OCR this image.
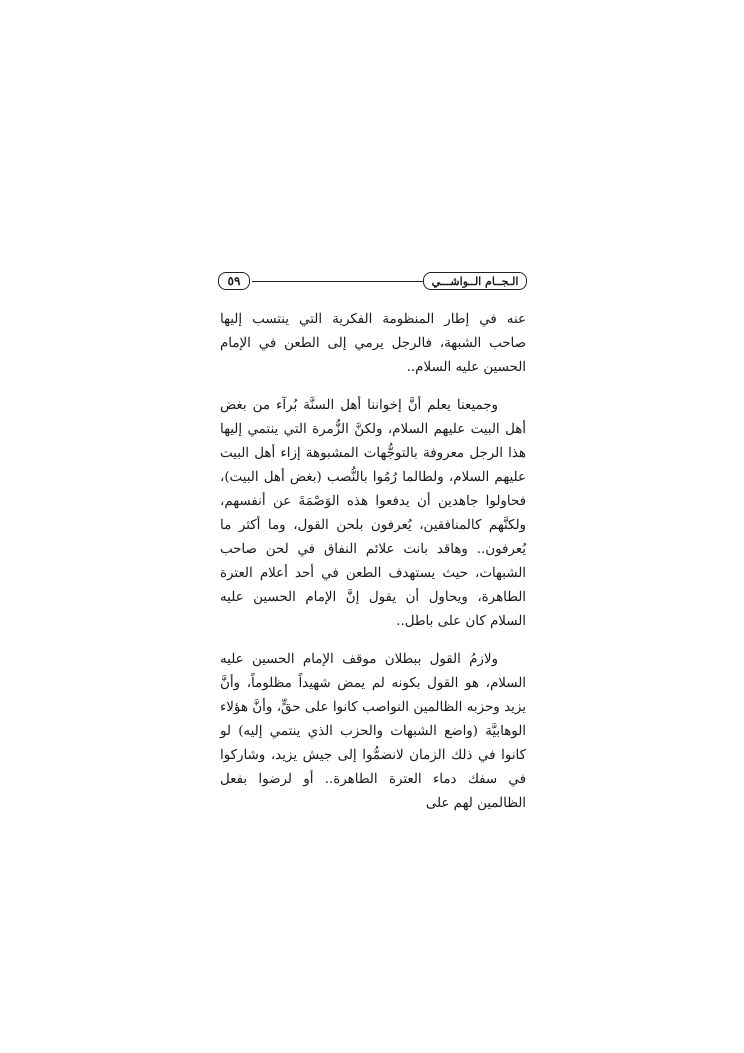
٥٩	الـجــام الــواشـــي

عنه في إطار المنظومة الفكرية التي ينتسب إليها صاحب الشبهة، فالرجل يرمي إلى الطعن في الإمام الحسين عليه السلام..

وجميعنا يعلم أنَّ إخواننا أهل السنَّة بُرآء من بغض أهل البيت عليهم السلام، ولكنَّ الزُّمرة التي ينتمي إليها هذا الرجل معروفة بالتوجُّهات المشبوهة إزاء أهل البيت عليهم السلام، ولطالما رُمُوا بالنُّصب (بغض أهل البيت)، فحاولوا جاهدين أن يدفعوا هذه الوَصْمَةَ عن أنفسهم، ولكنَّهم كالمنافقين، يُعرفون بلحن القول، وما أكثر ما يُعرفون.. وهاقد بانت علائم النفاق في لحن صاحب الشبهات، حيث يستهدف الطعن في أحد أعلام العترة الطاهرة، ويحاول أن يقول إنَّ الإمام الحسين عليه السلام كان على باطل..

ولازمُ القول ببطلان موقف الإمام الحسين عليه السلام، هو القول بكونه لم يمض شهيداً مظلوماً، وأنَّ يزيد وحزبه الظالمين النواصب كانوا على حقٍّ، وأنَّ هؤلاء الوهابيَّة (واضع الشبهات والحزب الذي ينتمي إليه) لو كانوا في ذلك الزمان لانضمُّوا إلى جيش يزيد، وشاركوا في سفك دماء العترة الطاهرة.. أو لرضوا بفعل الظالمين لهم على
